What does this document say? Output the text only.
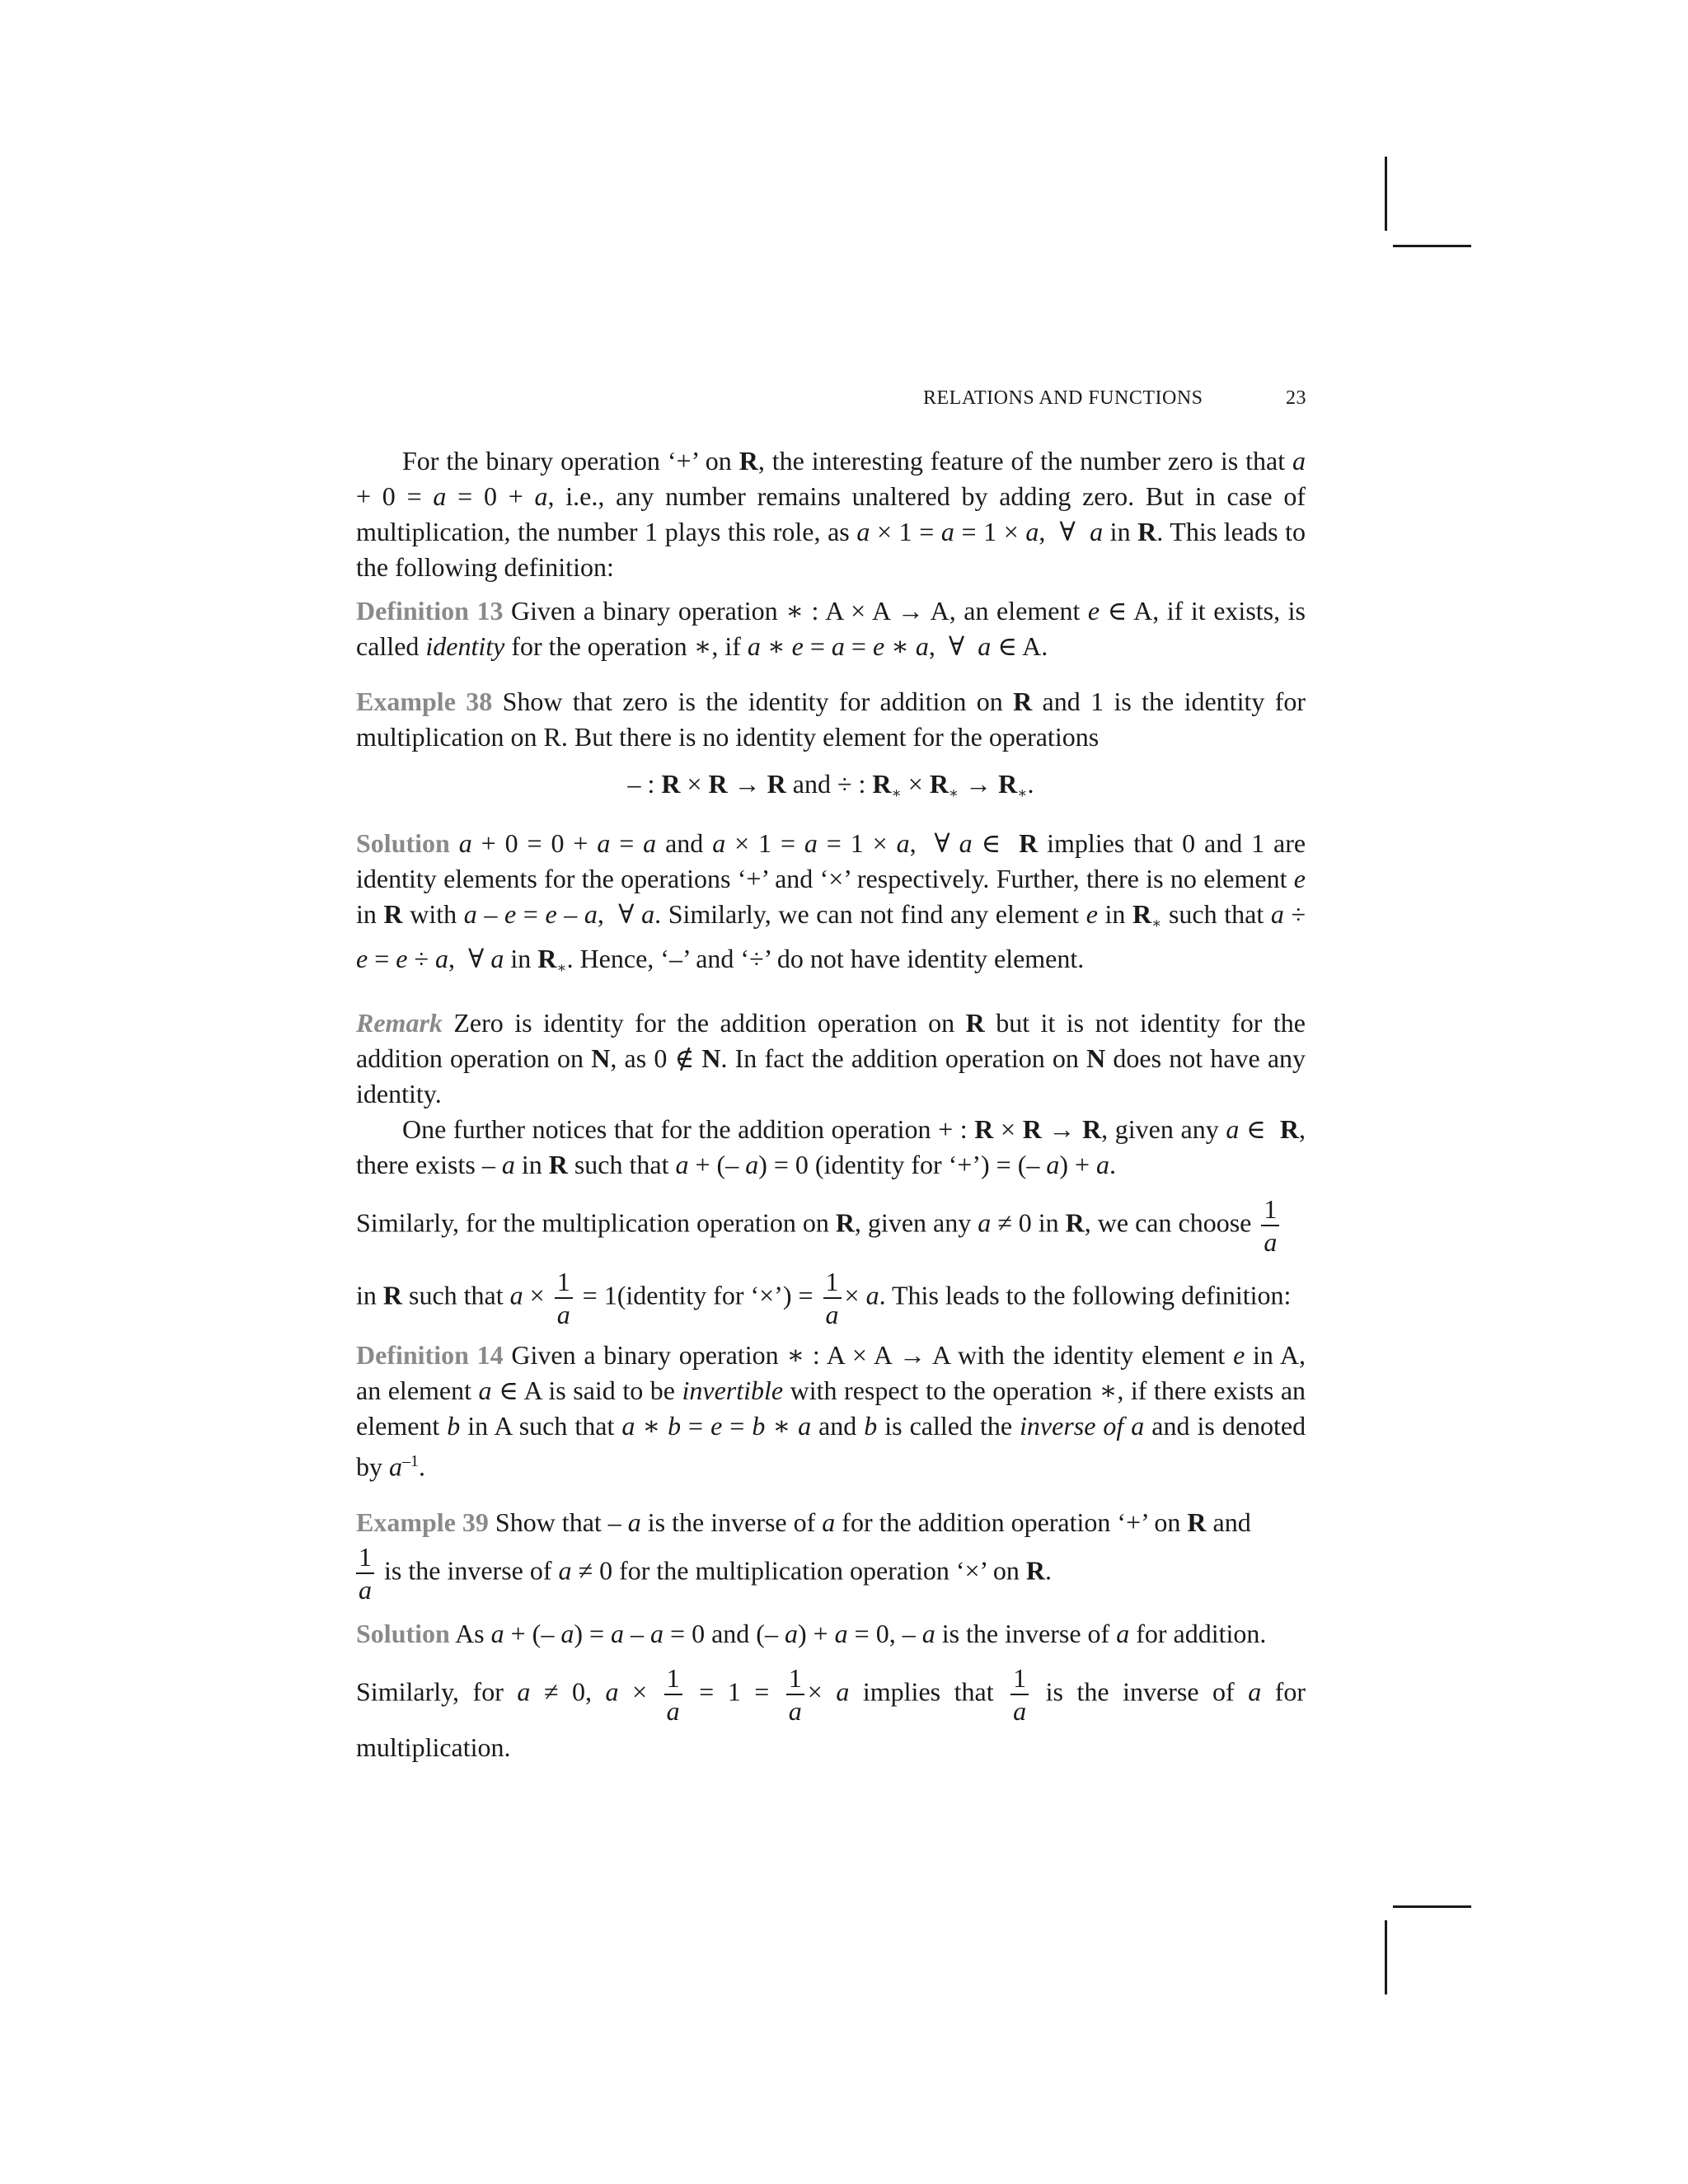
RELATIONS AND FUNCTIONS	23

For the binary operation ‘+’ on R, the interesting feature of the number zero is that a + 0 = a = 0 + a, i.e., any number remains unaltered by adding zero. But in case of multiplication, the number 1 plays this role, as a × 1 = a = 1 × a,  ∀  a in R. This leads to the following definition:

Definition 13 Given a binary operation ∗ : A × A → A, an element e ∈ A, if it exists, is called identity for the operation ∗, if a ∗ e = a = e ∗ a,  ∀  a ∈ A.

Example 38 Show that zero is the identity for addition on R and 1 is the identity for multiplication on R. But there is no identity element for the operations

– : R × R → R and ÷ : $R_∗ \times R_∗ \to R_∗$.

Solution a + 0 = 0 + a = a and a × 1 = a = 1 × a,  ∀ a ∈  R implies that 0 and 1 are identity elements for the operations ‘+’ and ‘×’ respectively. Further, there is no element e in R with a – e = e – a,  ∀ a. Similarly, we can not find any element e in $R_∗$ such that a ÷ e = e ÷ a,  ∀ a in $R_∗$. Hence, ‘–’ and ‘÷’ do not have identity element.

Remark Zero is identity for the addition operation on R but it is not identity for the addition operation on N, as 0 ∉ N. In fact the addition operation on N does not have any identity.

One further notices that for the addition operation + : R × R → R, given any a ∈  R, there exists – a in R such that a + (– a) = 0 (identity for ‘+’) = (– a) + a.

Similarly, for the multiplication operation on R, given any a ≠ 0 in R, we can choose $\frac{1}{a}$

in R such that $a \times \frac{1}{a}$ = 1(identity for ‘×’) = $\frac{1}{a} \times a$. This leads to the following definition:

Definition 14 Given a binary operation ∗ : A × A → A with the identity element e in A, an element a ∈ A is said to be invertible with respect to the operation ∗, if there exists an element b in A such that a ∗ b = e = b ∗ a and b is called the inverse of a and is denoted by $a^{-1}$.

Example 39 Show that – a is the inverse of a for the addition operation ‘+’ on R and

$\frac{1}{a}$ is the inverse of a ≠ 0 for the multiplication operation ‘×’ on R.

Solution As a + (– a) = a – a = 0 and (– a) + a = 0, – a is the inverse of a for addition.

Similarly, for a ≠ 0, $a \times \frac{1}{a} = 1 = \frac{1}{a} \times a$ implies that $\frac{1}{a}$ is the inverse of a for multiplication.
